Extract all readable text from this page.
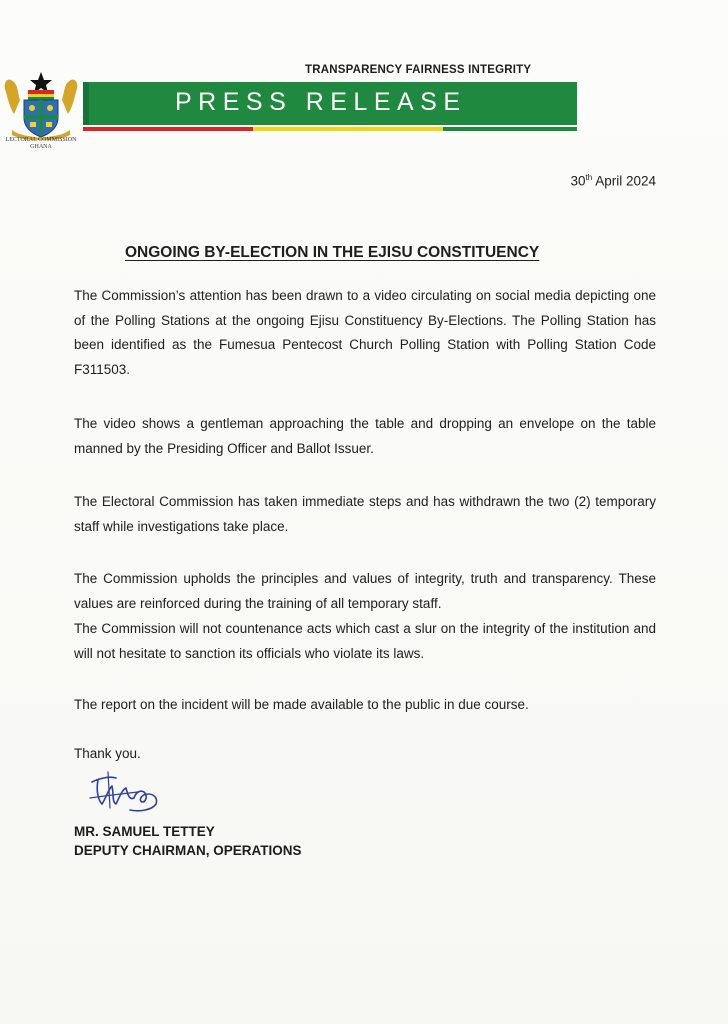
LECTORAL COMMISSION
GHANA
TRANSPARENCY FAIRNESS INTEGRITY
PRESS RELEASE
30th April 2024
ONGOING BY-ELECTION IN THE EJISU CONSTITUENCY

The Commission’s attention has been drawn to a video circulating on social media depicting one of the Polling Stations at the ongoing Ejisu Constituency By-Elections. The Polling Station has been identified as the Fumesua Pentecost Church Polling Station with Polling Station Code F311503.

The video shows a gentleman approaching the table and dropping an envelope on the table manned by the Presiding Officer and Ballot Issuer.

The Electoral Commission has taken immediate steps and has withdrawn the two (2) temporary staff while investigations take place.

The Commission upholds the principles and values of integrity, truth and transparency. These values are reinforced during the training of all temporary staff.

The Commission will not countenance acts which cast a slur on the integrity of the institution and will not hesitate to sanction its officials who violate its laws.

The report on the incident will be made available to the public in due course.

Thank you.

MR. SAMUEL TETTEY
DEPUTY CHAIRMAN, OPERATIONS
